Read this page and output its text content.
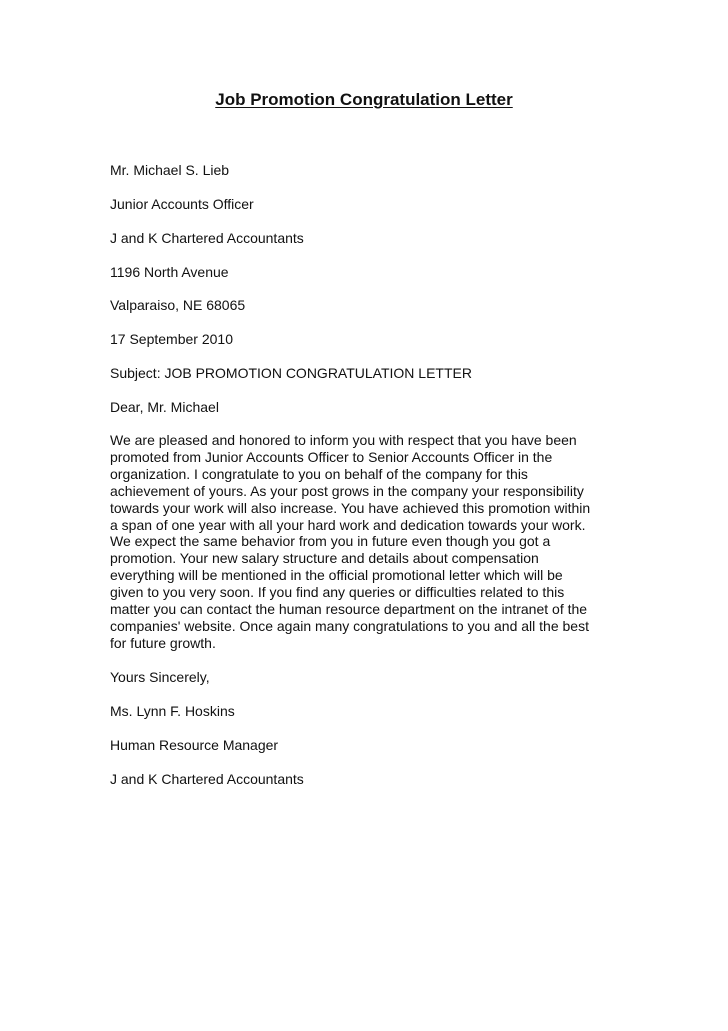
Job Promotion Congratulation Letter

Mr. Michael S. Lieb

Junior Accounts Officer

J and K Chartered Accountants

1196 North Avenue

Valparaiso, NE 68065

17 September 2010

Subject: JOB PROMOTION CONGRATULATION LETTER

Dear, Mr. Michael

We are pleased and honored to inform you with respect that you have been
promoted from Junior Accounts Officer to Senior Accounts Officer in the
organization. I congratulate to you on behalf of the company for this
achievement of yours. As your post grows in the company your responsibility
towards your work will also increase. You have achieved this promotion within
a span of one year with all your hard work and dedication towards your work.
We expect the same behavior from you in future even though you got a
promotion. Your new salary structure and details about compensation
everything will be mentioned in the official promotional letter which will be
given to you very soon. If you find any queries or difficulties related to this
matter you can contact the human resource department on the intranet of the
companies' website. Once again many congratulations to you and all the best
for future growth.

Yours Sincerely,

Ms. Lynn F. Hoskins

Human Resource Manager

J and K Chartered Accountants
